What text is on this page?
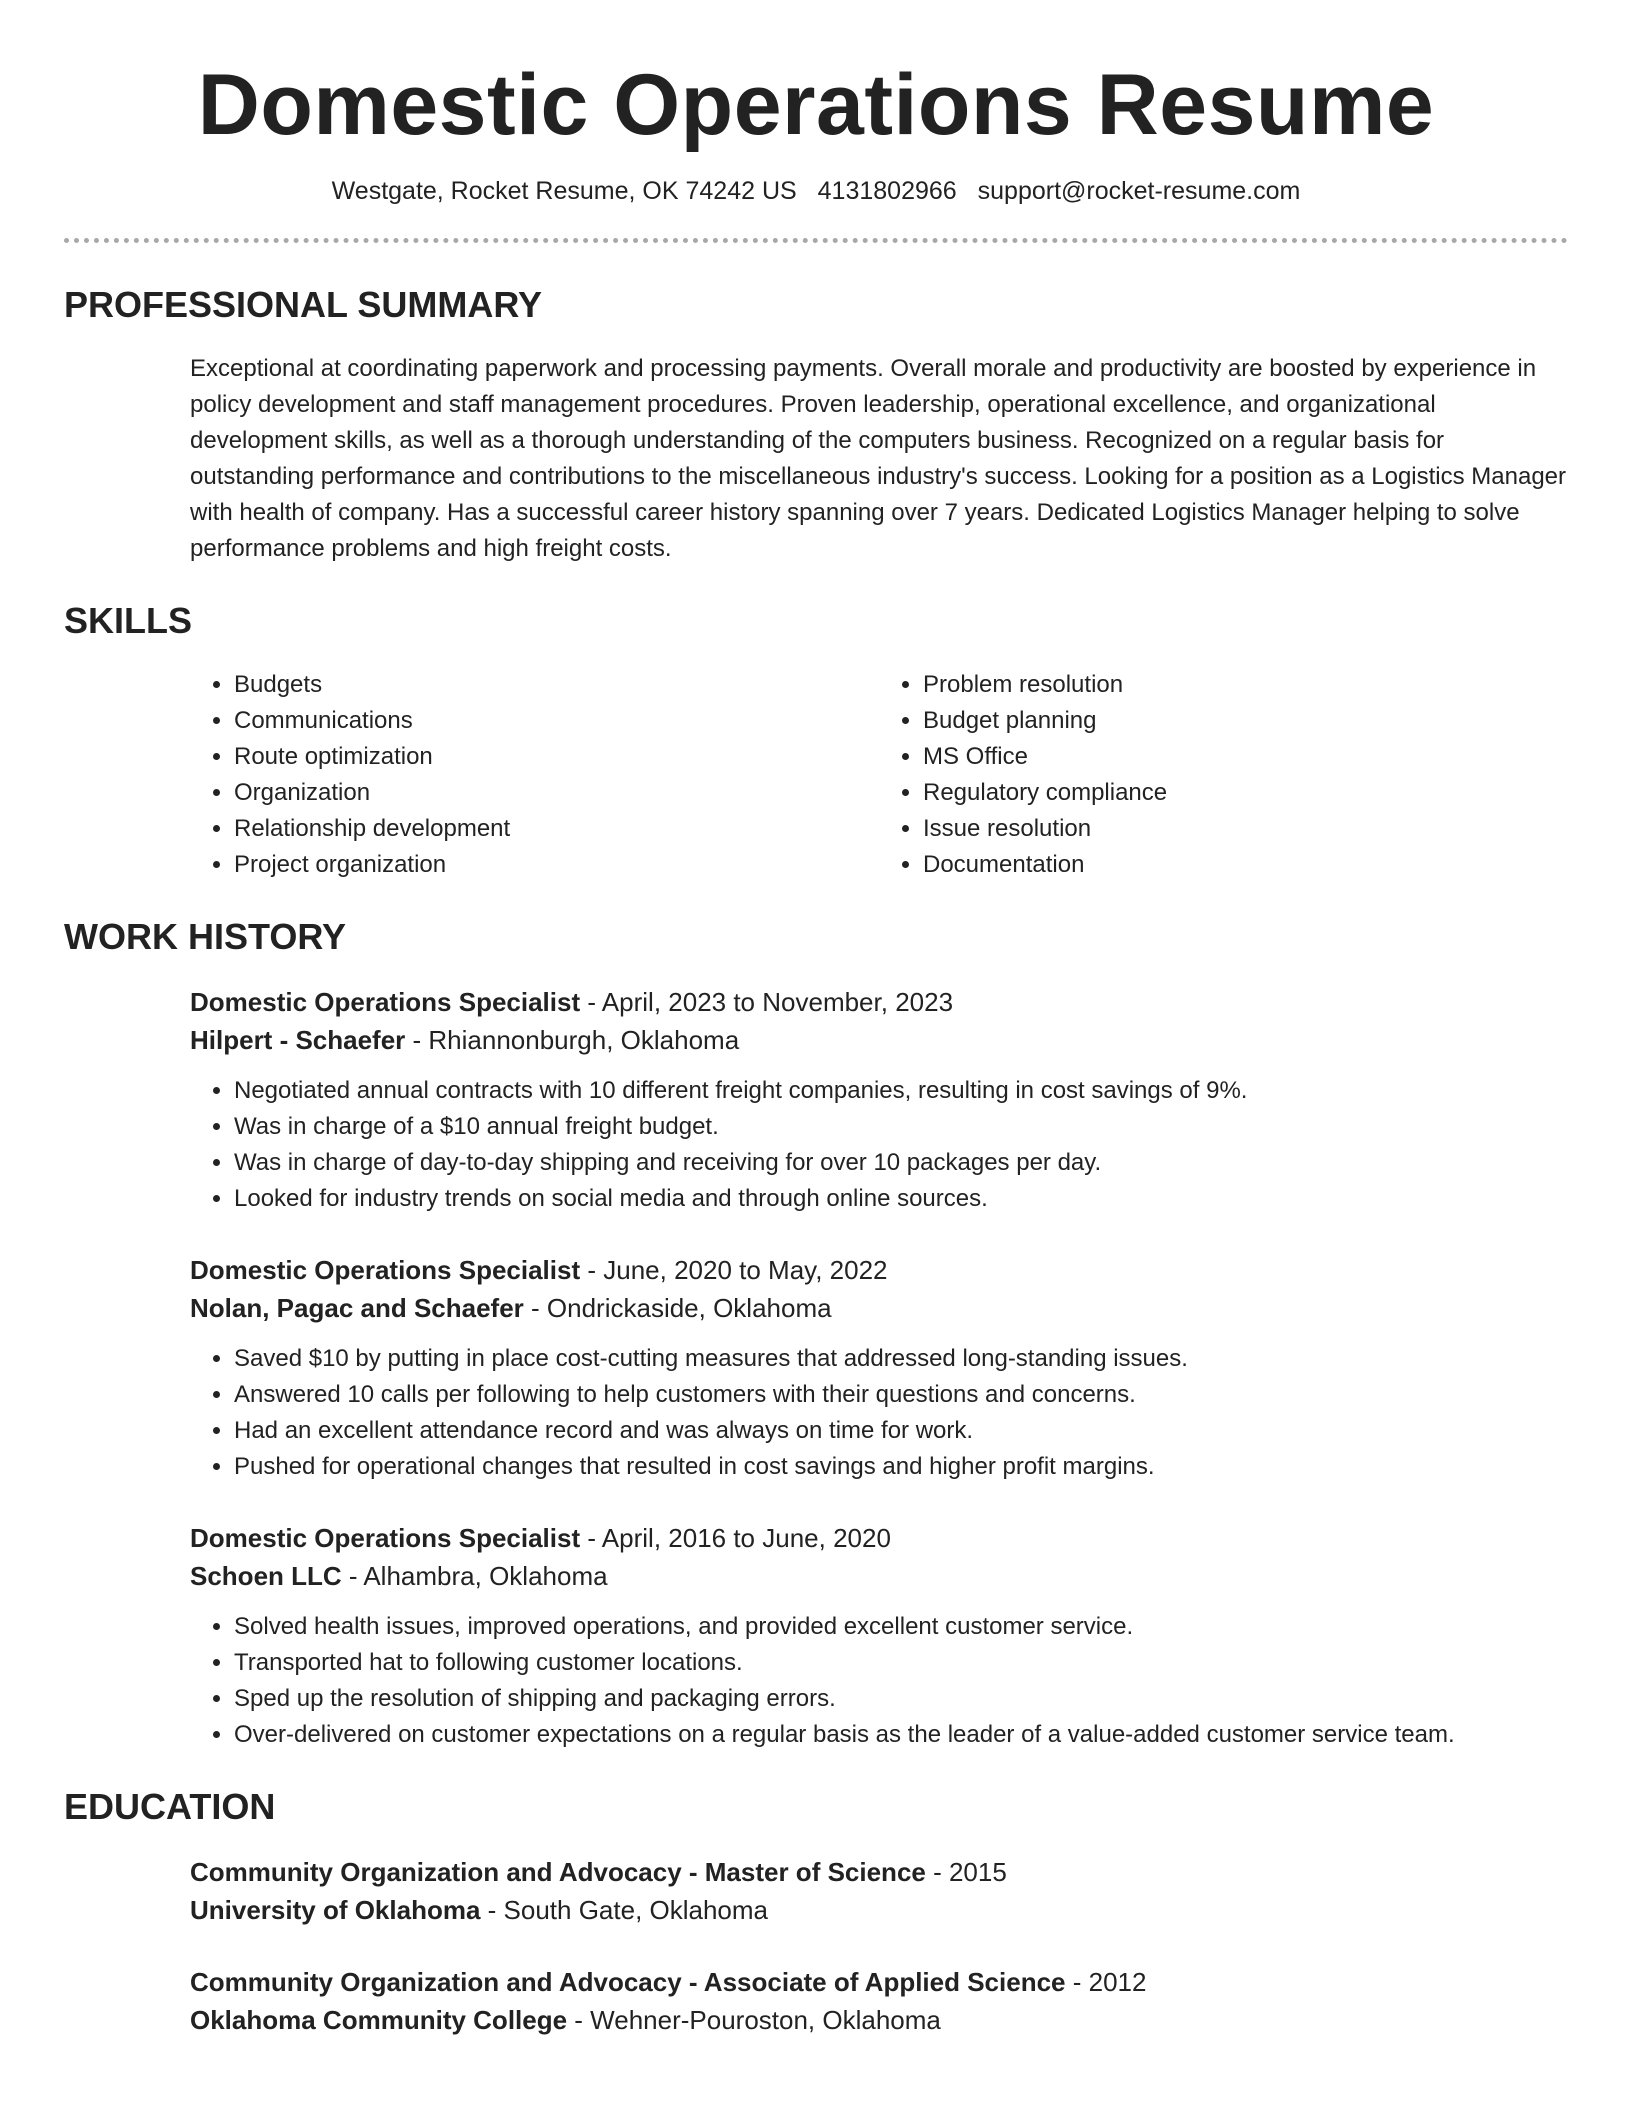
Domestic Operations Resume
Westgate, Rocket Resume, OK 74242 US 4131802966 support@rocket-resume.com
PROFESSIONAL SUMMARY

Exceptional at coordinating paperwork and processing payments. Overall morale and productivity are boosted by experience in policy development and staff management procedures. Proven leadership, operational excellence, and organizational development skills, as well as a thorough understanding of the computers business. Recognized on a regular basis for outstanding performance and contributions to the miscellaneous industry's success. Looking for a position as a Logistics Manager with health of company. Has a successful career history spanning over 7 years. Dedicated Logistics Manager helping to solve performance problems and high freight costs.

SKILLS
• Budgets
• Communications
• Route optimization
• Organization
• Relationship development
• Project organization
• Problem resolution
• Budget planning
• MS Office
• Regulatory compliance
• Issue resolution
• Documentation
WORK HISTORY
Domestic Operations Specialist - April, 2023 to November, 2023
Hilpert - Schaefer - Rhiannonburgh, Oklahoma
• Negotiated annual contracts with 10 different freight companies, resulting in cost savings of 9%.
• Was in charge of a $10 annual freight budget.
• Was in charge of day-to-day shipping and receiving for over 10 packages per day.
• Looked for industry trends on social media and through online sources.
Domestic Operations Specialist - June, 2020 to May, 2022
Nolan, Pagac and Schaefer - Ondrickaside, Oklahoma
• Saved $10 by putting in place cost-cutting measures that addressed long-standing issues.
• Answered 10 calls per following to help customers with their questions and concerns.
• Had an excellent attendance record and was always on time for work.
• Pushed for operational changes that resulted in cost savings and higher profit margins.
Domestic Operations Specialist - April, 2016 to June, 2020
Schoen LLC - Alhambra, Oklahoma
• Solved health issues, improved operations, and provided excellent customer service.
• Transported hat to following customer locations.
• Sped up the resolution of shipping and packaging errors.
• Over-delivered on customer expectations on a regular basis as the leader of a value-added customer service team.
EDUCATION
Community Organization and Advocacy - Master of Science - 2015
University of Oklahoma - South Gate, Oklahoma
Community Organization and Advocacy - Associate of Applied Science - 2012
Oklahoma Community College - Wehner-Pouroston, Oklahoma
